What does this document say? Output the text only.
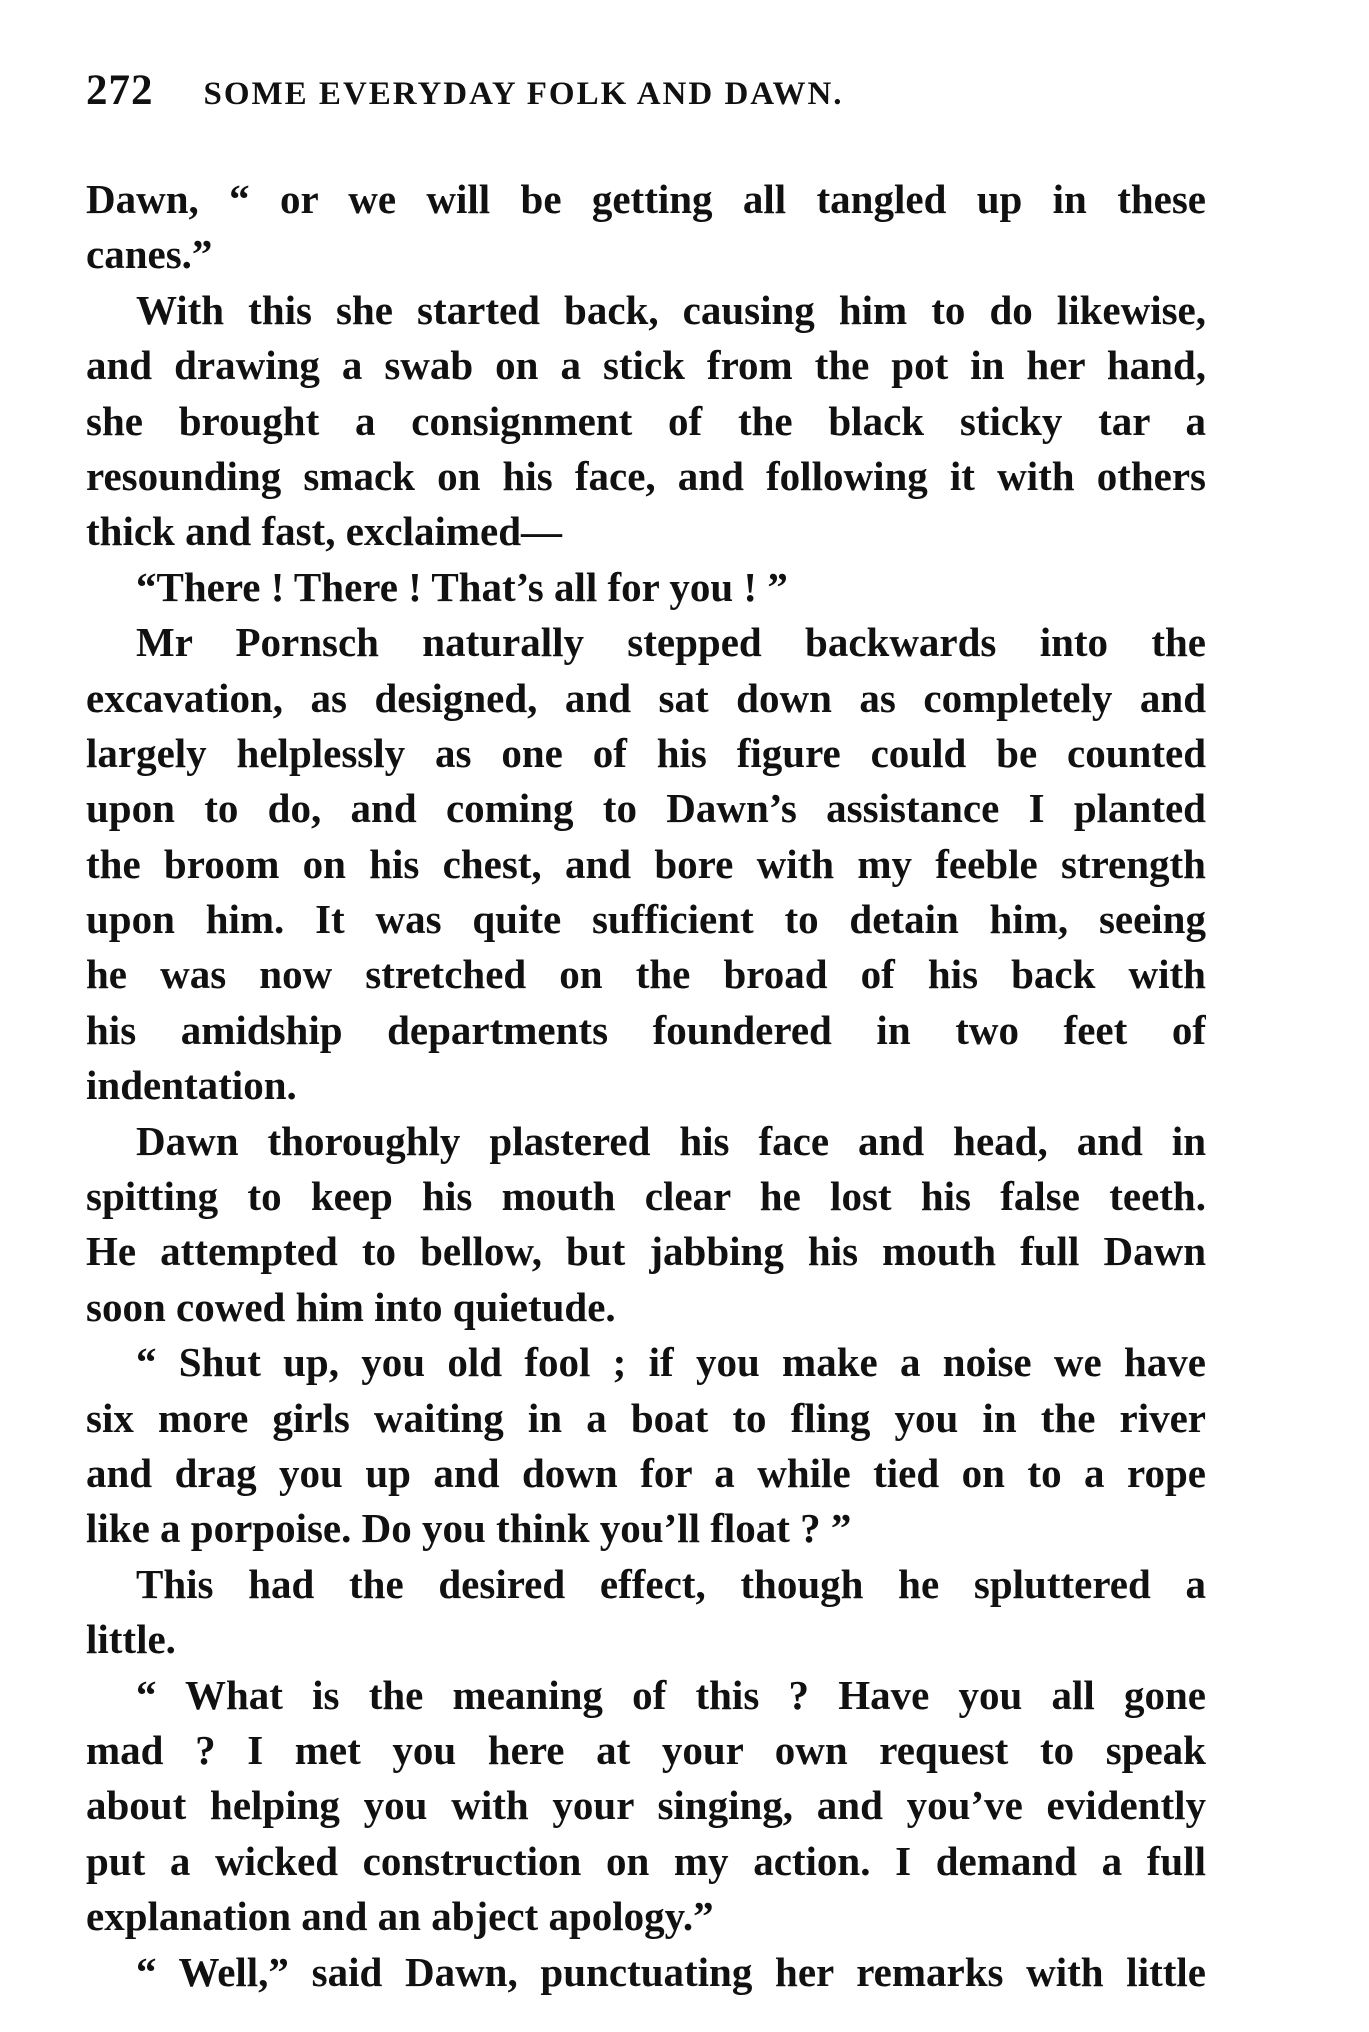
272 SOME EVERYDAY FOLK AND DAWN.
Dawn, “ or we will be getting all tangled up in these
canes.”
With this she started back, causing him to do likewise,
and drawing a swab on a stick from the pot in her hand,
she brought a consignment of the black sticky tar a
resounding smack on his face, and following it with others
thick and fast, exclaimed—
“There ! There ! That’s all for you ! ”
Mr Pornsch naturally stepped backwards into the
excavation, as designed, and sat down as completely and
largely helplessly as one of his figure could be counted
upon to do, and coming to Dawn’s assistance I planted
the broom on his chest, and bore with my feeble strength
upon him. It was quite sufficient to detain him, seeing
he was now stretched on the broad of his back with
his amidship departments foundered in two feet of
indentation.
Dawn thoroughly plastered his face and head, and in
spitting to keep his mouth clear he lost his false teeth.
He attempted to bellow, but jabbing his mouth full Dawn
soon cowed him into quietude.
“ Shut up, you old fool ; if you make a noise we have
six more girls waiting in a boat to fling you in the river
and drag you up and down for a while tied on to a rope
like a porpoise. Do you think you’ll float ? ”
This had the desired effect, though he spluttered a
little.
“ What is the meaning of this ? Have you all gone
mad ? I met you here at your own request to speak
about helping you with your singing, and you’ve evidently
put a wicked construction on my action. I demand a full
explanation and an abject apology.”
“ Well,” said Dawn, punctuating her remarks with little
